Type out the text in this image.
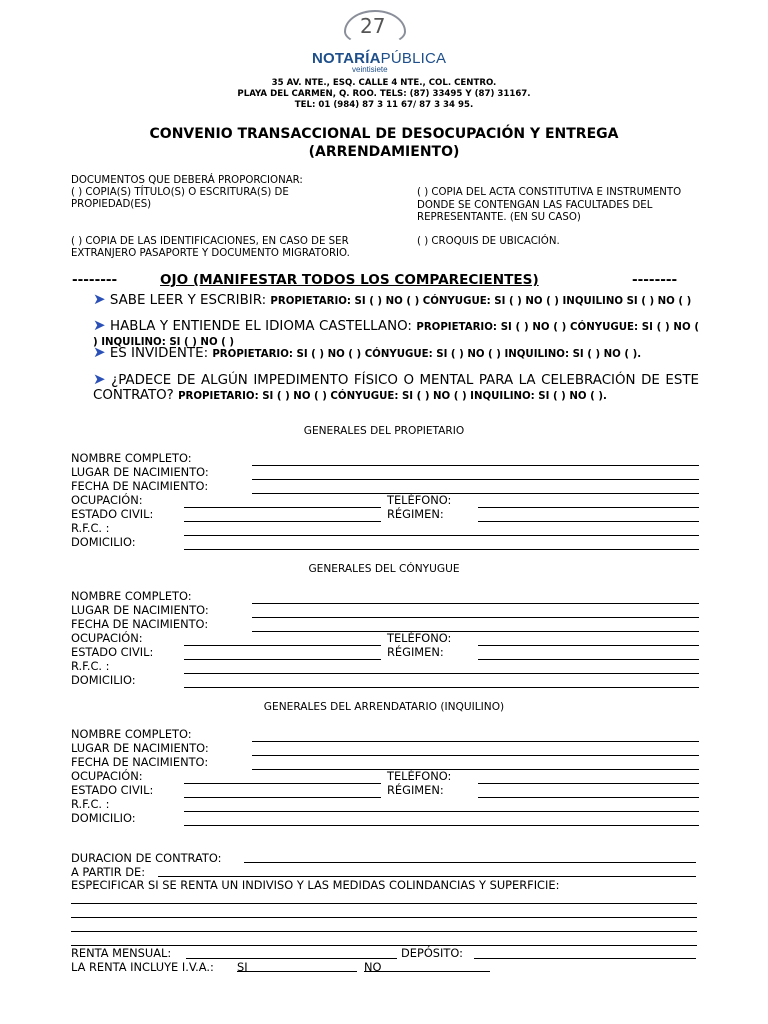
27
NOTARÍAPÚBLICA
veintisiete
35 AV. NTE., ESQ. CALLE 4 NTE., COL. CENTRO.
PLAYA DEL CARMEN, Q. ROO. TELS: (87) 33495 Y (87) 31167.
TEL: 01 (984) 87 3 11 67/ 87 3 34 95.
CONVENIO TRANSACCIONAL DE DESOCUPACIÓN Y ENTREGA
(ARRENDAMIENTO)
DOCUMENTOS QUE DEBERÁ PROPORCIONAR:
( ) COPIA(S) TÍTULO(S) O ESCRITURA(S) DE
PROPIEDAD(ES)
( ) COPIA DEL ACTA CONSTITUTIVA E INSTRUMENTO DONDE SE CONTENGAN LAS FACULTADES DEL REPRESENTANTE. (EN SU CASO)
( ) COPIA DE LAS IDENTIFICACIONES, EN CASO DE SER
EXTRANJERO PASAPORTE Y DOCUMENTO MIGRATORIO.
( ) CROQUIS DE UBICACIÓN.
--------	OJO (MANIFESTAR TODOS LOS COMPARECIENTES)	--------
➤ SABE LEER Y ESCRIBIR: PROPIETARIO: SI ( ) NO ( ) CÓNYUGUE: SI ( ) NO ( ) INQUILINO SI ( ) NO ( )
➤ HABLA Y ENTIENDE EL IDIOMA CASTELLANO: PROPIETARIO: SI ( ) NO ( ) CÓNYUGUE: SI ( ) NO ( ) INQUILINO: SI ( ) NO ( )
➤ ES INVIDENTE: PROPIETARIO: SI ( ) NO ( ) CÓNYUGUE: SI ( ) NO ( ) INQUILINO: SI ( ) NO ( ).
➤ ¿PADECE DE ALGÚN IMPEDIMENTO FÍSICO O MENTAL PARA LA CELEBRACIÓN DE ESTE CONTRATO? PROPIETARIO: SI ( ) NO ( ) CÓNYUGUE: SI ( ) NO ( ) INQUILINO: SI ( ) NO ( ).
GENERALES DEL PROPIETARIO
NOMBRE COMPLETO:
LUGAR DE NACIMIENTO:
FECHA DE NACIMIENTO:
OCUPACIÓN:	TELÉFONO:
ESTADO CIVIL:	RÉGIMEN:
R.F.C. :
DOMICILIO:
GENERALES DEL CÓNYUGUE
NOMBRE COMPLETO:
LUGAR DE NACIMIENTO:
FECHA DE NACIMIENTO:
OCUPACIÓN:	TELÉFONO:
ESTADO CIVIL:	RÉGIMEN:
R.F.C. :
DOMICILIO:
GENERALES DEL ARRENDATARIO (INQUILINO)
NOMBRE COMPLETO:
LUGAR DE NACIMIENTO:
FECHA DE NACIMIENTO:
OCUPACIÓN:	TELÉFONO:
ESTADO CIVIL:	RÉGIMEN:
R.F.C. :
DOMICILIO:
DURACION DE CONTRATO:
A PARTIR DE:
ESPECIFICAR SI SE RENTA UN INDIVISO Y LAS MEDIDAS COLINDANCIAS Y SUPERFICIE:
RENTA MENSUAL:	DEPÓSITO:
LA RENTA INCLUYE I.V.A.: SI	NO
